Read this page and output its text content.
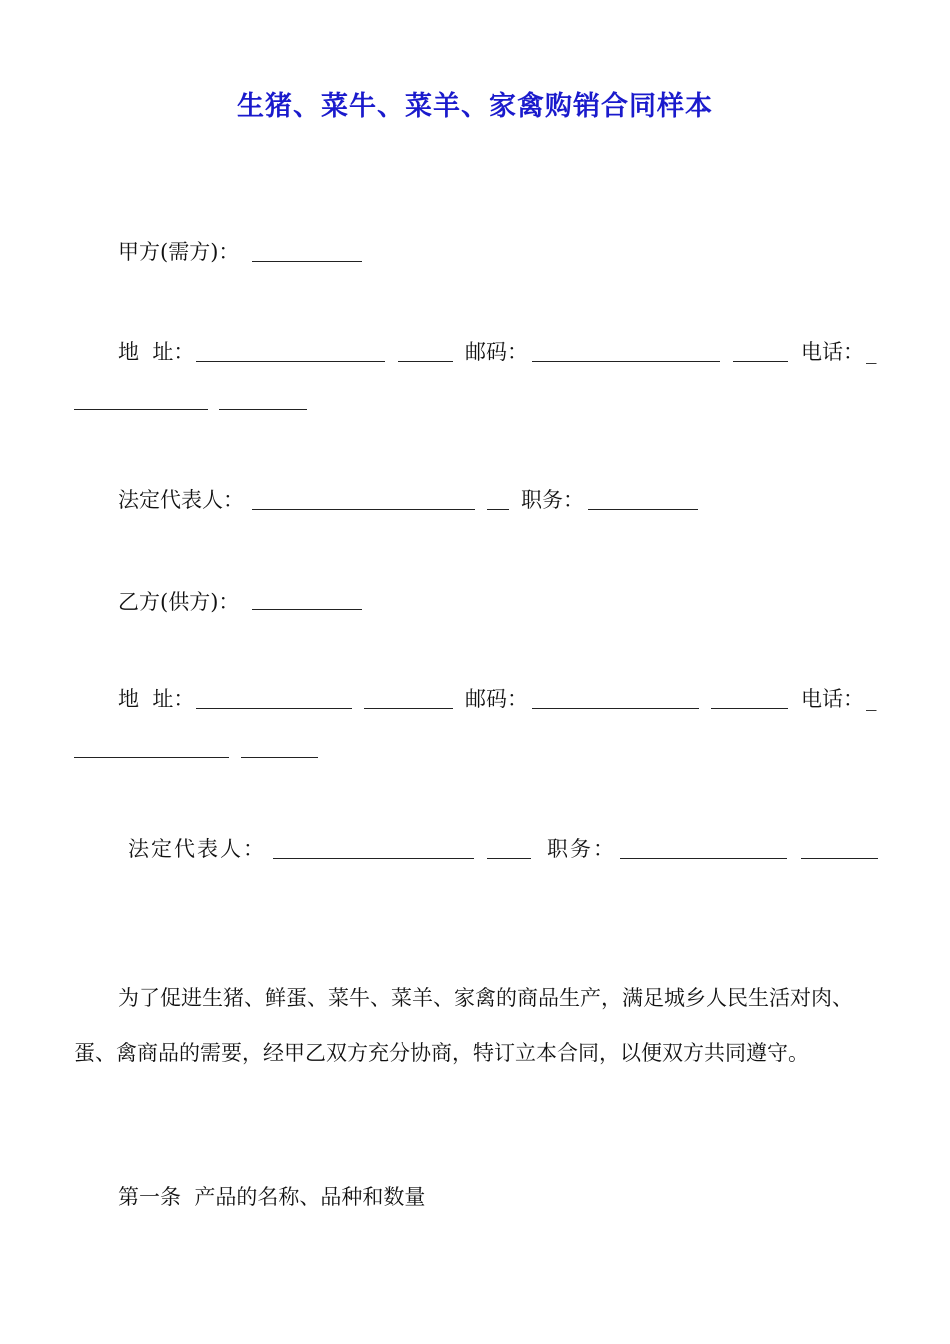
生猪、菜牛、菜羊、家禽购销合同样本
甲方(需方)：
地  址：	邮码：	电话： _
法定代表人：	职务：
乙方(供方)：
地  址：	邮码：	电话： _
法定代表人：	职务：
为了促进生猪、鲜蛋、菜牛、菜羊、家禽的商品生产，满足城乡人民生活对肉、
蛋、禽商品的需要，经甲乙双方充分协商，特订立本合同，以便双方共同遵守。
第一条  产品的名称、品种和数量
